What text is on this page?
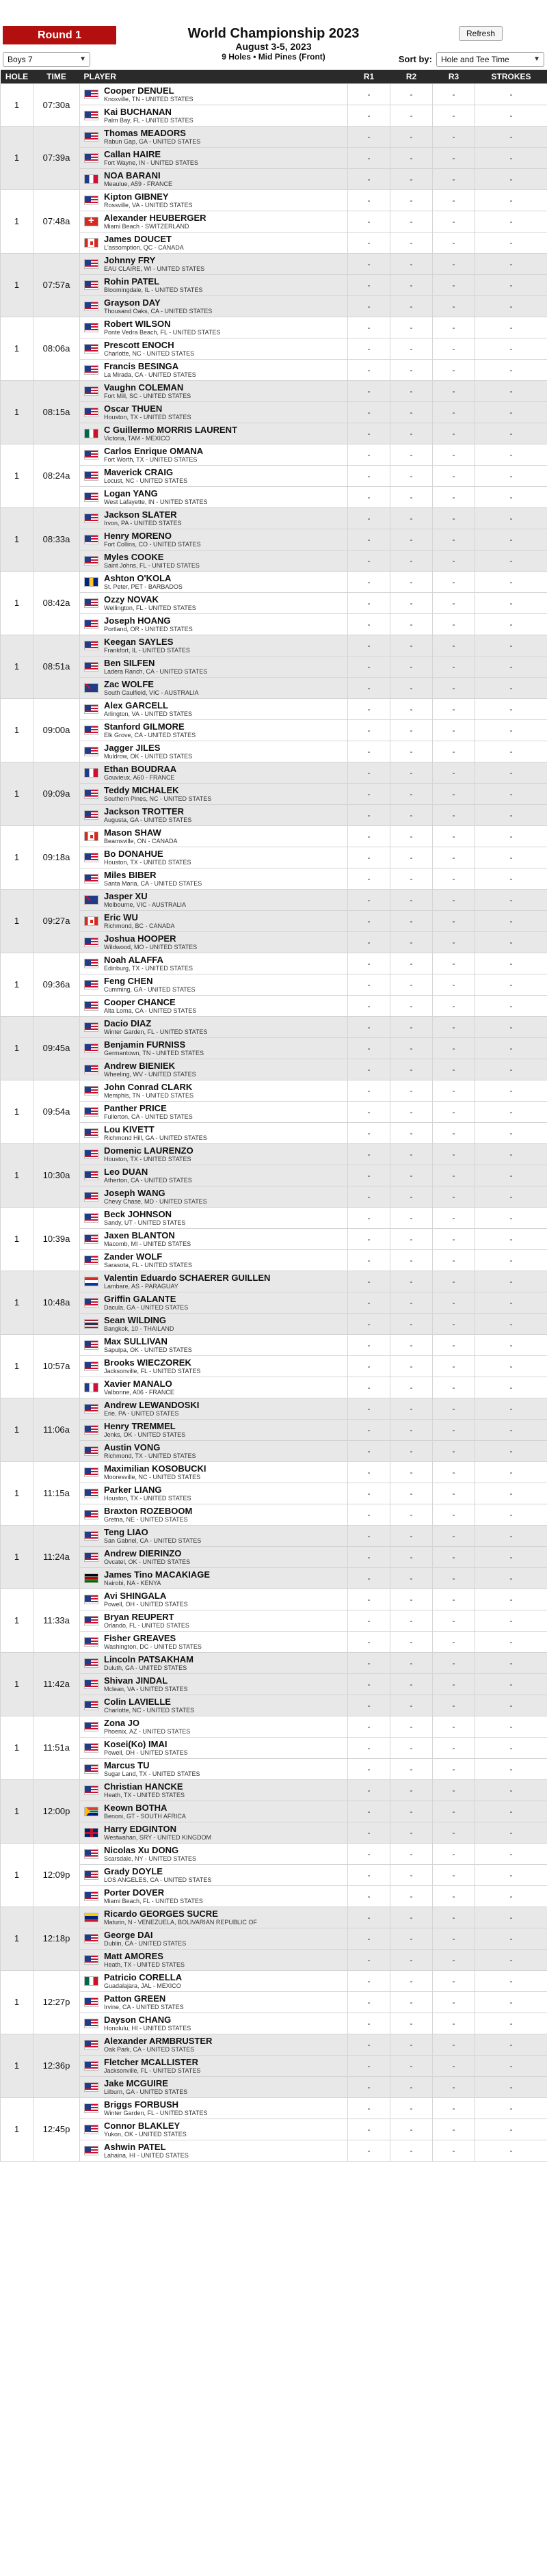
Round 1	World Championship 2023
August 3-5, 2023
9 Holes • Mid Pines (Front)
Refresh
Boys 7	▼	Sort by:	Hole and Tee Time	▼
HOLE	TIME	PLAYER	R1	R2	R3	STROKES
1	07:30a	Cooper DENUEL
Knoxville, TN - UNITED STATES	-	-	-	-

		Kai BUCHANAN
Palm Bay, FL - UNITED STATES	-	-	-	-
1	07:39a	Thomas MEADORS
Rabun Gap, GA - UNITED STATES	-	-	-	-

		Callan HAIRE
Fort Wayne, IN - UNITED STATES	-	-	-	-

		NOA BARANI
Meaulue, A59 - FRANCE	-	-	-	-
1	07:48a	Kipton GIBNEY
Rossville, VA - UNITED STATES	-	-	-	-

+
Alexander HEUBERGER
Miami Beach - SWITZERLAND	-	-	-	-

		James DOUCET
L'assomption, QC - CANADA	-	-	-	-
1	07:57a	Johnny FRY
EAU CLAIRE, WI - UNITED STATES	-	-	-	-

		Rohin PATEL
Bloomingdale, IL - UNITED STATES	-	-	-	-

		Grayson DAY
Thousand Oaks, CA - UNITED STATES	-	-	-	-
1	08:06a	Robert WILSON
Ponte Vedra Beach, FL - UNITED STATES	-	-	-	-

		Prescott ENOCH
Charlotte, NC - UNITED STATES	-	-	-	-

		Francis BESINGA
La Mirada, CA - UNITED STATES	-	-	-	-
1	08:15a	Vaughn COLEMAN
Fort Mill, SC - UNITED STATES	-	-	-	-

		Oscar THUEN
Houston, TX - UNITED STATES	-	-	-	-

		C Guillermo MORRIS LAURENT
Victoria, TAM - MEXICO	-	-	-	-
1	08:24a	Carlos Enrique OMANA
Fort Worth, TX - UNITED STATES	-	-	-	-

		Maverick CRAIG
Locust, NC - UNITED STATES	-	-	-	-

		Logan YANG
West Lafayette, IN - UNITED STATES	-	-	-	-
1	08:33a	Jackson SLATER
Irvon, PA - UNITED STATES	-	-	-	-

		Henry MORENO
Fort Collins, CO - UNITED STATES	-	-	-	-

		Myles COOKE
Saint Johns, FL - UNITED STATES	-	-	-	-
1	08:42a	Ashton O'KOLA
St. Peter, PET - BARBADOS	-	-	-	-

		Ozzy NOVAK
Wellington, FL - UNITED STATES	-	-	-	-

		Joseph HOANG
Portland, OR - UNITED STATES	-	-	-	-
1	08:51a	Keegan SAYLES
Frankfort, IL - UNITED STATES	-	-	-	-

		Ben SILFEN
Ladera Ranch, CA - UNITED STATES	-	-	-	-

		Zac WOLFE
South Caulfield, VIC - AUSTRALIA	-	-	-	-
1	09:00a	Alex GARCELL
Arlington, VA - UNITED STATES	-	-	-	-

		Stanford GILMORE
Elk Grove, CA - UNITED STATES	-	-	-	-

		Jagger JILES
Muldrow, OK - UNITED STATES	-	-	-	-
1	09:09a	Ethan BOUDRAA
Gouvieux, A60 - FRANCE	-	-	-	-

		Teddy MICHALEK
Southern Pines, NC - UNITED STATES	-	-	-	-

		Jackson TROTTER
Augusta, GA - UNITED STATES	-	-	-	-
1	09:18a	Mason SHAW
Beamsville, ON - CANADA	-	-	-	-

		Bo DONAHUE
Houston, TX - UNITED STATES	-	-	-	-

		Miles BIBER
Santa Maria, CA - UNITED STATES	-	-	-	-
1	09:27a	Jasper XU
Melbourne, VIC - AUSTRALIA	-	-	-	-

		Eric WU
Richmond, BC - CANADA	-	-	-	-

		Joshua HOOPER
Wildwood, MO - UNITED STATES	-	-	-	-
1	09:36a	Noah ALAFFA
Edinburg, TX - UNITED STATES	-	-	-	-

		Feng CHEN
Cumming, GA - UNITED STATES	-	-	-	-

		Cooper CHANCE
Alta Loma, CA - UNITED STATES	-	-	-	-
1	09:45a	Dacio DIAZ
Winter Garden, FL - UNITED STATES	-	-	-	-

		Benjamin FURNISS
Germantown, TN - UNITED STATES	-	-	-	-

		Andrew BIENIEK
Wheeling, WV - UNITED STATES	-	-	-	-
1	09:54a	John Conrad CLARK
Memphis, TN - UNITED STATES	-	-	-	-

		Panther PRICE
Fullerton, CA - UNITED STATES	-	-	-	-

		Lou KIVETT
Richmond Hill, GA - UNITED STATES	-	-	-	-
1	10:30a	Domenic LAURENZO
Houston, TX - UNITED STATES	-	-	-	-

		Leo DUAN
Atherton, CA - UNITED STATES	-	-	-	-

		Joseph WANG
Chevy Chase, MD - UNITED STATES	-	-	-	-
1	10:39a	Beck JOHNSON
Sandy, UT - UNITED STATES	-	-	-	-

		Jaxen BLANTON
Macomb, MI - UNITED STATES	-	-	-	-

		Zander WOLF
Sarasota, FL - UNITED STATES	-	-	-	-
1	10:48a	Valentin Eduardo SCHAERER GUILLEN
Lambare, AS - PARAGUAY	-	-	-	-

		Griffin GALANTE
Dacula, GA - UNITED STATES	-	-	-	-

		Sean WILDING
Bangkok, 10 - THAILAND	-	-	-	-
1	10:57a	Max SULLIVAN
Sapulpa, OK - UNITED STATES	-	-	-	-

		Brooks WIECZOREK
Jacksonville, FL - UNITED STATES	-	-	-	-

		Xavier MANALO
Valbonne, A06 - FRANCE	-	-	-	-
1	11:06a	Andrew LEWANDOSKI
Erie, PA - UNITED STATES	-	-	-	-

		Henry TREMMEL
Jenks, OK - UNITED STATES	-	-	-	-

		Austin VONG
Richmond, TX - UNITED STATES	-	-	-	-
1	11:15a	Maximilian KOSOBUCKI
Mooresville, NC - UNITED STATES	-	-	-	-

		Parker LIANG
Houston, TX - UNITED STATES	-	-	-	-

		Braxton ROZEBOOM
Gretna, NE - UNITED STATES	-	-	-	-
1	11:24a	Teng LIAO
San Gabriel, CA - UNITED STATES	-	-	-	-

		Andrew DIERINZO
Ovcatel, OK - UNITED STATES	-	-	-	-

		James Tino MACAKIAGE
Nairobi, NA - KENYA	-	-	-	-
1	11:33a	Avi SHINGALA
Powell, OH - UNITED STATES	-	-	-	-

		Bryan REUPERT
Orlando, FL - UNITED STATES	-	-	-	-

		Fisher GREAVES
Washington, DC - UNITED STATES	-	-	-	-
1	11:42a	Lincoln PATSAKHAM
Duluth, GA - UNITED STATES	-	-	-	-

		Shivan JINDAL
Mclean, VA - UNITED STATES	-	-	-	-

		Colin LAVIELLE
Charlotte, NC - UNITED STATES	-	-	-	-
1	11:51a	Zona JO
Phoenix, AZ - UNITED STATES	-	-	-	-

		Kosei(Ko) IMAI
Powell, OH - UNITED STATES	-	-	-	-

		Marcus TU
Sugar Land, TX - UNITED STATES	-	-	-	-
1	12:00p	Christian HANCKE
Heath, TX - UNITED STATES	-	-	-	-

		Keown BOTHA
Benoni, GT - SOUTH AFRICA	-	-	-	-

		Harry EDGINTON
Westwahan, SRY - UNITED KINGDOM	-	-	-	-
1	12:09p	Nicolas Xu DONG
Scarsdale, NY - UNITED STATES	-	-	-	-

		Grady DOYLE
LOS ANGELES, CA - UNITED STATES	-	-	-	-

		Porter DOVER
Miami Beach, FL - UNITED STATES	-	-	-	-
1	12:18p	Ricardo GEORGES SUCRE
Maturin, N - VENEZUELA, BOLIVARIAN REPUBLIC OF	-	-	-	-

		George DAI
Dublin, CA - UNITED STATES	-	-	-	-

		Matt AMORES
Heath, TX - UNITED STATES	-	-	-	-
1	12:27p	Patricio CORELLA
Guadalajara, JAL - MEXICO	-	-	-	-

		Patton GREEN
Irvine, CA - UNITED STATES	-	-	-	-

		Dayson CHANG
Honolulu, HI - UNITED STATES	-	-	-	-
1	12:36p	Alexander ARMBRUSTER
Oak Park, CA - UNITED STATES	-	-	-	-

		Fletcher MCALLISTER
Jacksonville, FL - UNITED STATES	-	-	-	-

		Jake MCGUIRE
Lilburn, GA - UNITED STATES	-	-	-	-
1	12:45p	Briggs FORBUSH
Winter Garden, FL - UNITED STATES	-	-	-	-

		Connor BLAKLEY
Yukon, OK - UNITED STATES	-	-	-	-

		Ashwin PATEL
Lahaina, HI - UNITED STATES	-	-	-	-
